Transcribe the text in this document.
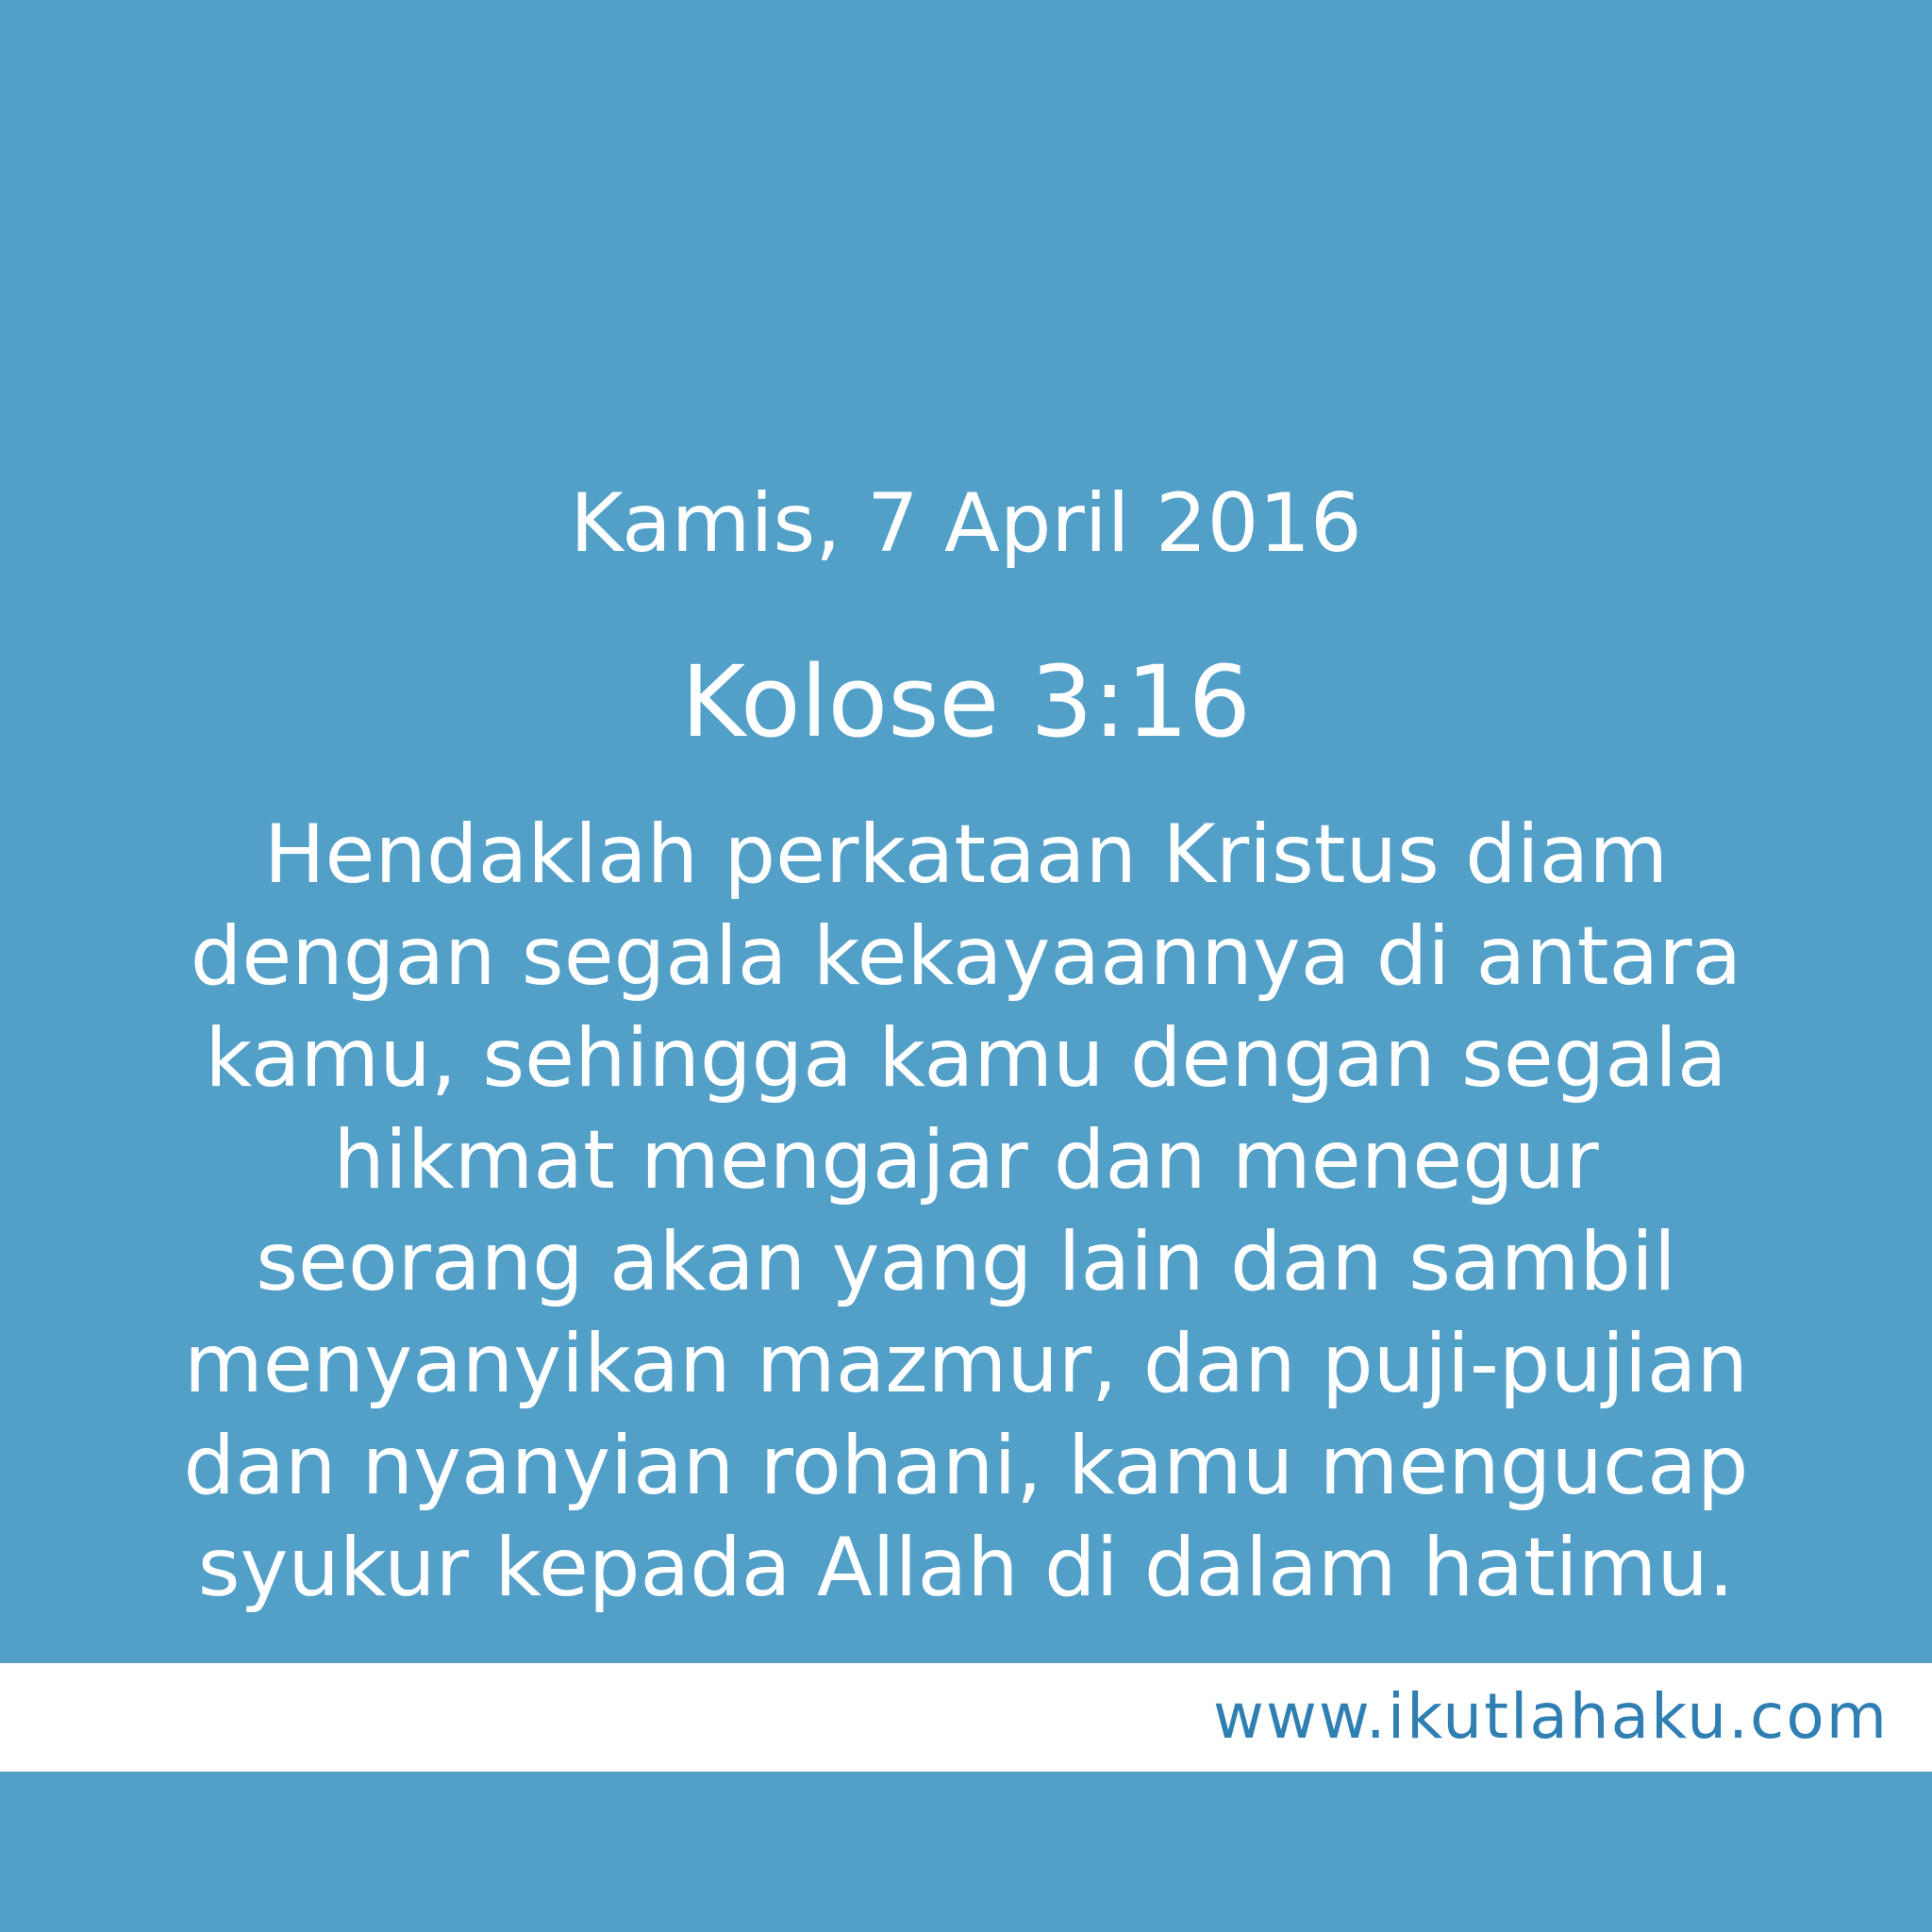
Kamis, 7 April 2016
Kolose 3:16
Hendaklah perkataan Kristus diam
dengan segala kekayaannya di antara
kamu, sehingga kamu dengan segala
hikmat mengajar dan menegur
seorang akan yang lain dan sambil
menyanyikan mazmur, dan puji-pujian
dan nyanyian rohani, kamu mengucap
syukur kepada Allah di dalam hatimu.
www.ikutlahaku.com
